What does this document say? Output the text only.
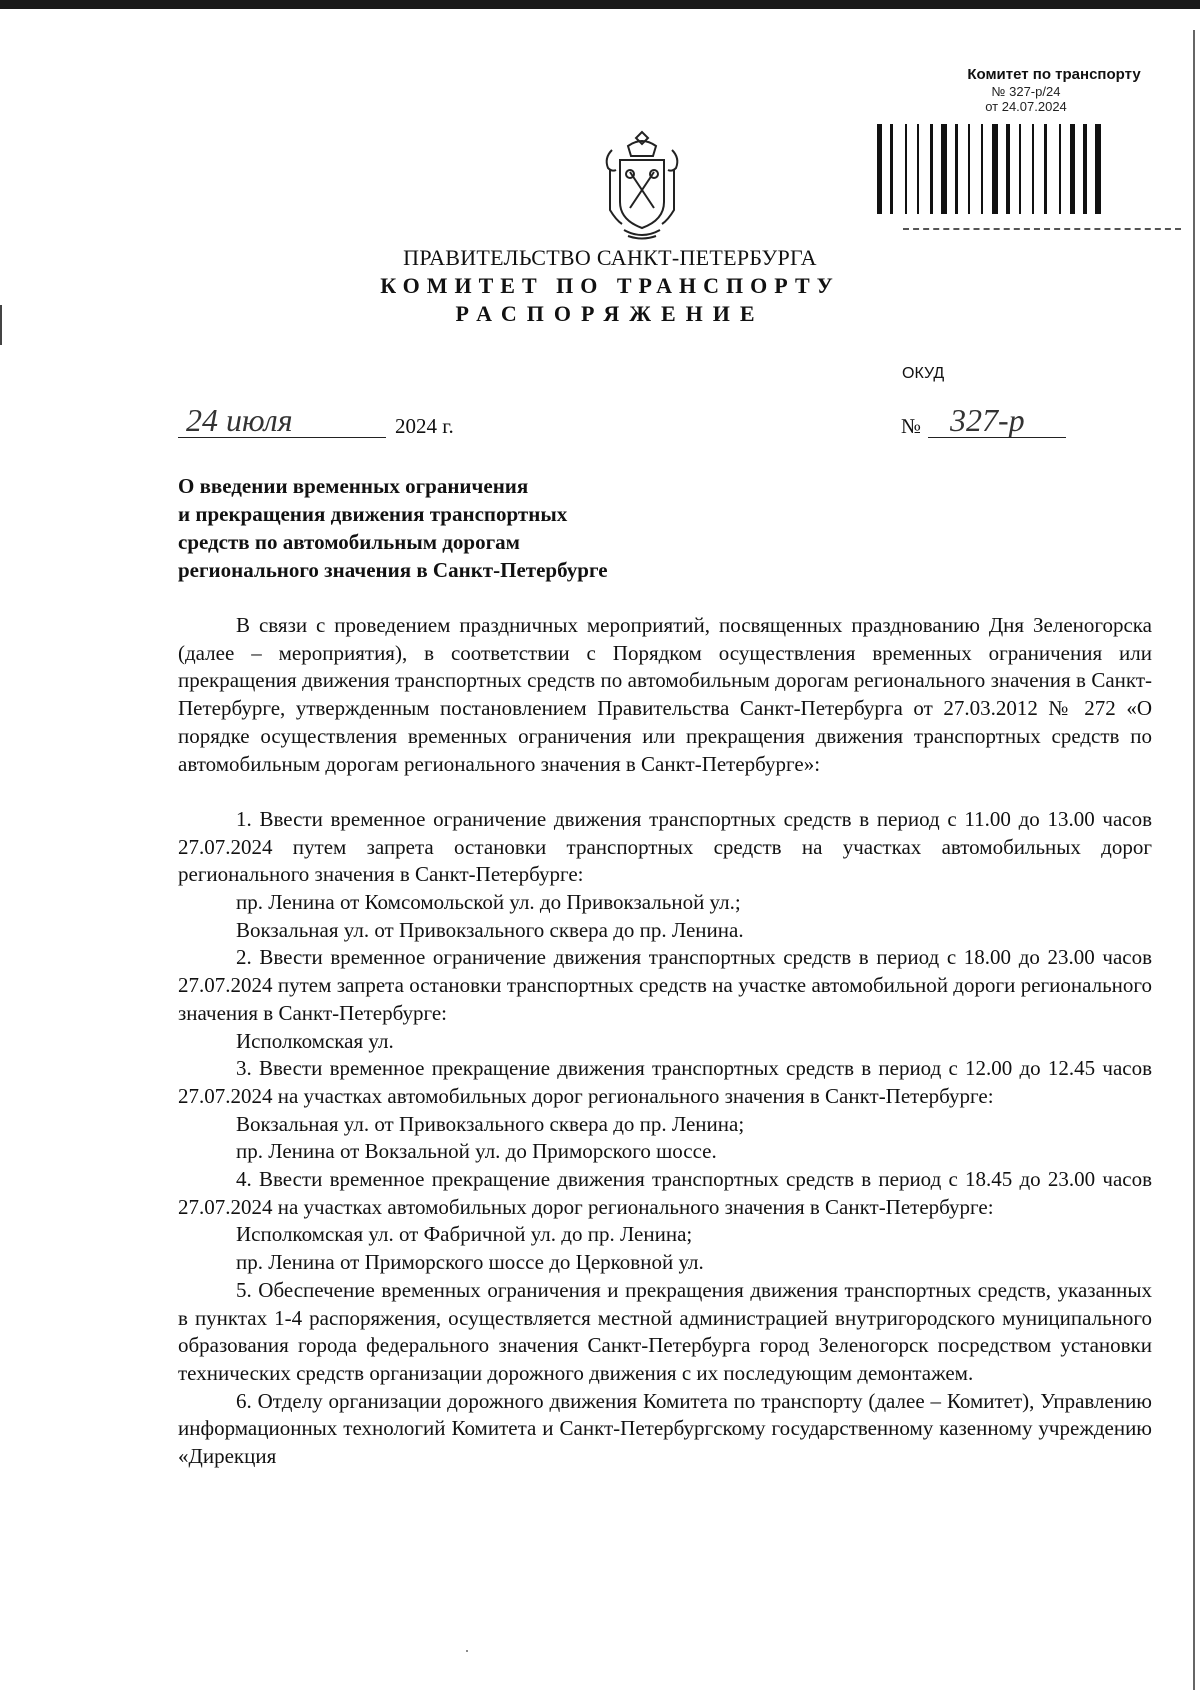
Комитет по транспорту
№ 327-р/24
от 24.07.2024
ПРАВИТЕЛЬСТВО САНКТ-ПЕТЕРБУРГА
КОМИТЕТ ПО ТРАНСПОРТУ
РАСПОРЯЖЕНИЕ
ОКУД
24 июля	2024 г.	№ 327-р
О введении временных ограничения
и прекращения движения транспортных
средств по автомобильным дорогам
регионального значения в Санкт-Петербурге

В связи с проведением праздничных мероприятий, посвященных празднованию Дня Зеленогорска (далее – мероприятия), в соответствии с Порядком осуществления временных ограничения или прекращения движения транспортных средств по автомобильным дорогам регионального значения в Санкт-Петербурге, утвержденным постановлением Правительства Санкт-Петербурга от 27.03.2012 № 272 «О порядке осуществления временных ограничения или прекращения движения транспортных средств по автомобильным дорогам регионального значения в Санкт-Петербурге»:

1. Ввести временное ограничение движения транспортных средств в период с 11.00 до 13.00 часов 27.07.2024 путем запрета остановки транспортных средств на участках автомобильных дорог регионального значения в Санкт-Петербурге:

пр. Ленина от Комсомольской ул. до Привокзальной ул.;

Вокзальная ул. от Привокзального сквера до пр. Ленина.

2. Ввести временное ограничение движения транспортных средств в период с 18.00 до 23.00 часов 27.07.2024 путем запрета остановки транспортных средств на участке автомобильной дороги регионального значения в Санкт-Петербурге:

Исполкомская ул.

3. Ввести временное прекращение движения транспортных средств в период с 12.00 до 12.45 часов 27.07.2024 на участках автомобильных дорог регионального значения в Санкт-Петербурге:

Вокзальная ул. от Привокзального сквера до пр. Ленина;

пр. Ленина от Вокзальной ул. до Приморского шоссе.

4. Ввести временное прекращение движения транспортных средств в период с 18.45 до 23.00 часов 27.07.2024 на участках автомобильных дорог регионального значения в Санкт-Петербурге:

Исполкомская ул. от Фабричной ул. до пр. Ленина;

пр. Ленина от Приморского шоссе до Церковной ул.

5. Обеспечение временных ограничения и прекращения движения транспортных средств, указанных в пунктах 1-4 распоряжения, осуществляется местной администрацией внутригородского муниципального образования города федерального значения Санкт-Петербурга город Зеленогорск посредством установки технических средств организации дорожного движения с их последующим демонтажем.

6. Отделу организации дорожного движения Комитета по транспорту (далее – Комитет), Управлению информационных технологий Комитета и Санкт-Петербургскому государственному казенному учреждению «Дирекция
